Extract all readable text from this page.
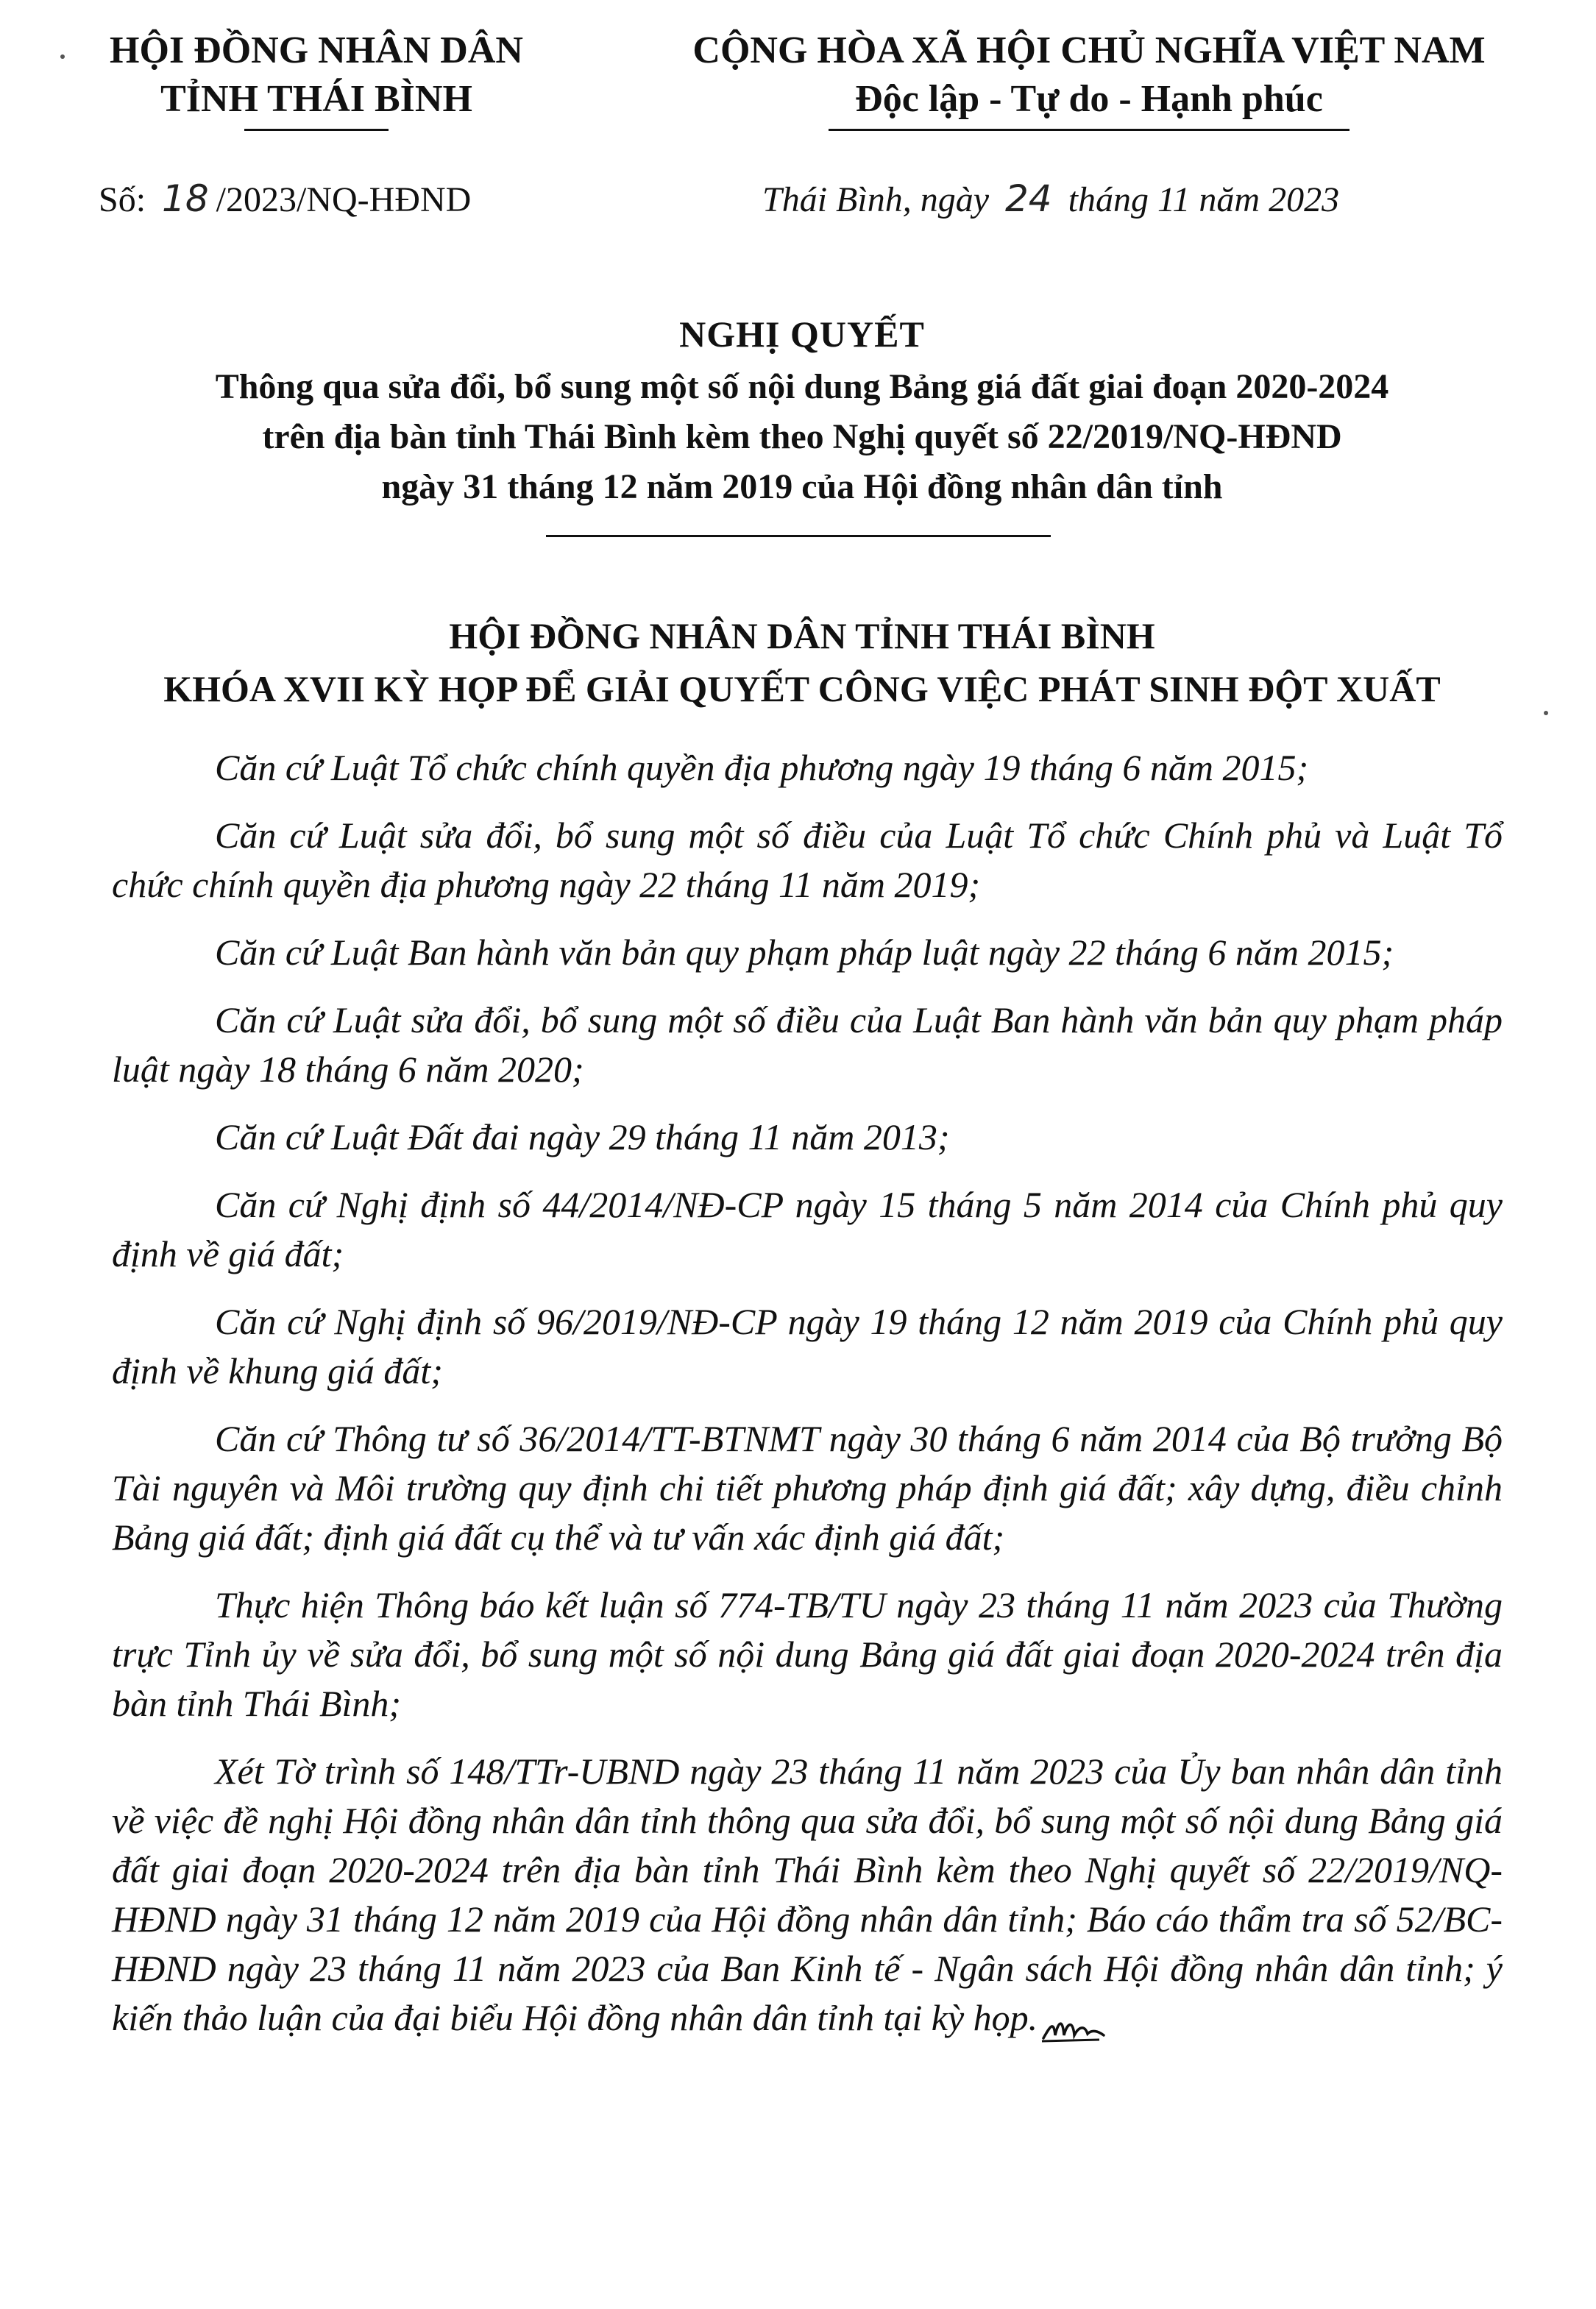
HỘI ĐỒNG NHÂN DÂN
TỈNH THÁI BÌNH
CỘNG HÒA XÃ HỘI CHỦ NGHĨA VIỆT NAM
Độc lập - Tự do - Hạnh phúc
Số: 18 /2023/NQ-HĐND	Thái Bình, ngày 24 tháng 11 năm 2023
NGHỊ QUYẾT
Thông qua sửa đổi, bổ sung một số nội dung Bảng giá đất giai đoạn 2020-2024
trên địa bàn tỉnh Thái Bình kèm theo Nghị quyết số 22/2019/NQ-HĐND
ngày 31 tháng 12 năm 2019 của Hội đồng nhân dân tỉnh
HỘI ĐỒNG NHÂN DÂN TỈNH THÁI BÌNH
KHÓA XVII KỲ HỌP ĐỂ GIẢI QUYẾT CÔNG VIỆC PHÁT SINH ĐỘT XUẤT

Căn cứ Luật Tổ chức chính quyền địa phương ngày 19 tháng 6 năm 2015;

Căn cứ Luật sửa đổi, bổ sung một số điều của Luật Tổ chức Chính phủ và Luật Tổ chức chính quyền địa phương ngày 22 tháng 11 năm 2019;

Căn cứ Luật Ban hành văn bản quy phạm pháp luật ngày 22 tháng 6 năm 2015;

Căn cứ Luật sửa đổi, bổ sung một số điều của Luật Ban hành văn bản quy phạm pháp luật ngày 18 tháng 6 năm 2020;

Căn cứ Luật Đất đai ngày 29 tháng 11 năm 2013;

Căn cứ Nghị định số 44/2014/NĐ-CP ngày 15 tháng 5 năm 2014 của Chính phủ quy định về giá đất;

Căn cứ Nghị định số 96/2019/NĐ-CP ngày 19 tháng 12 năm 2019 của Chính phủ quy định về khung giá đất;

Căn cứ Thông tư số 36/2014/TT-BTNMT ngày 30 tháng 6 năm 2014 của Bộ trưởng Bộ Tài nguyên và Môi trường quy định chi tiết phương pháp định giá đất; xây dựng, điều chỉnh Bảng giá đất; định giá đất cụ thể và tư vấn xác định giá đất;

Thực hiện Thông báo kết luận số 774-TB/TU ngày 23 tháng 11 năm 2023 của Thường trực Tỉnh ủy về sửa đổi, bổ sung một số nội dung Bảng giá đất giai đoạn 2020-2024 trên địa bàn tỉnh Thái Bình;

Xét Tờ trình số 148/TTr-UBND ngày 23 tháng 11 năm 2023 của Ủy ban nhân dân tỉnh về việc đề nghị Hội đồng nhân dân tỉnh thông qua sửa đổi, bổ sung một số nội dung Bảng giá đất giai đoạn 2020-2024 trên địa bàn tỉnh Thái Bình kèm theo Nghị quyết số 22/2019/NQ-HĐND ngày 31 tháng 12 năm 2019 của Hội đồng nhân dân tỉnh; Báo cáo thẩm tra số 52/BC-HĐND ngày 23 tháng 11 năm 2023 của Ban Kinh tế - Ngân sách Hội đồng nhân dân tỉnh; ý kiến thảo luận của đại biểu Hội đồng nhân dân tỉnh tại kỳ họp.
